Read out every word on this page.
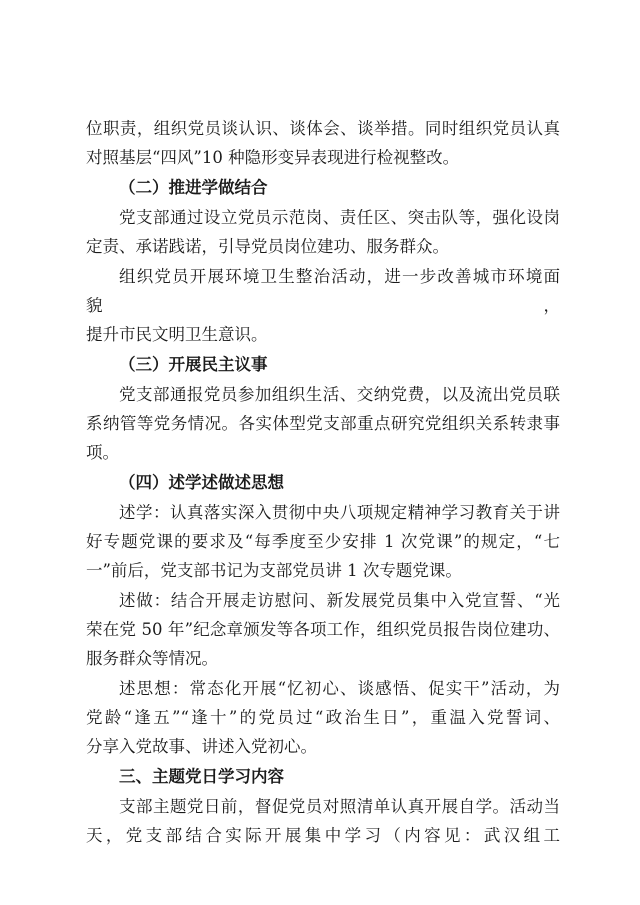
位职责，组织党员谈认识、谈体会、谈举措。同时组织党员认真
对照基层“四风”10 种隐形变异表现进行检视整改。
（二）推进学做结合
党支部通过设立党员示范岗、责任区、突击队等，强化设岗
定责、承诺践诺，引导党员岗位建功、服务群众。
组织党员开展环境卫生整治活动，进一步改善城市环境面貌，
提升市民文明卫生意识。
（三）开展民主议事
党支部通报党员参加组织生活、交纳党费，以及流出党员联
系纳管等党务情况。各实体型党支部重点研究党组织关系转隶事
项。
（四）述学述做述思想
述学：认真落实深入贯彻中央八项规定精神学习教育关于讲
好专题党课的要求及“每季度至少安排 1 次党课”的规定，“七
一”前后，党支部书记为支部党员讲 1 次专题党课。
述做：结合开展走访慰问、新发展党员集中入党宣誓、“光
荣在党 50 年”纪念章颁发等各项工作，组织党员报告岗位建功、
服务群众等情况。
述思想：常态化开展“忆初心、谈感悟、促实干”活动，为
党龄“逢五”“逢十”的党员过“政治生日”，重温入党誓词、
分享入党故事、讲述入党初心。
三、主题党日学习内容
支部主题党日前，督促党员对照清单认真开展自学。活动当
天，党支部结合实际开展集中学习（内容见：武汉组工
